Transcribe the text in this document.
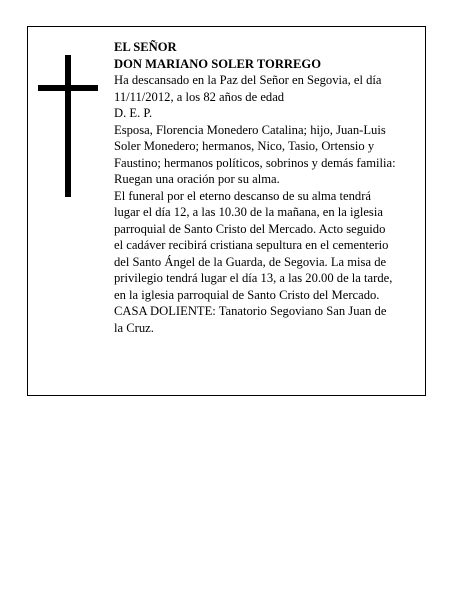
EL SEÑOR

DON MARIANO SOLER TORREGO

Ha descansado en la Paz del Señor en Segovia, el día

11/11/2012, a los 82 años de edad

D. E. P.

Esposa, Florencia Monedero Catalina; hijo, Juan-Luis

Soler Monedero; hermanos, Nico, Tasio, Ortensio y

Faustino; hermanos políticos, sobrinos y demás familia:

Ruegan una oración por su alma.

El funeral por el eterno descanso de su alma tendrá

lugar el día 12, a las 10.30 de la mañana, en la iglesia

parroquial de Santo Cristo del Mercado. Acto seguido

el cadáver recibirá cristiana sepultura en el cementerio

del Santo Ángel de la Guarda, de Segovia. La misa de

privilegio tendrá lugar el día 13, a las 20.00 de la tarde,

en la iglesia parroquial de Santo Cristo del Mercado.

CASA DOLIENTE: Tanatorio Segoviano San Juan de

la Cruz.
